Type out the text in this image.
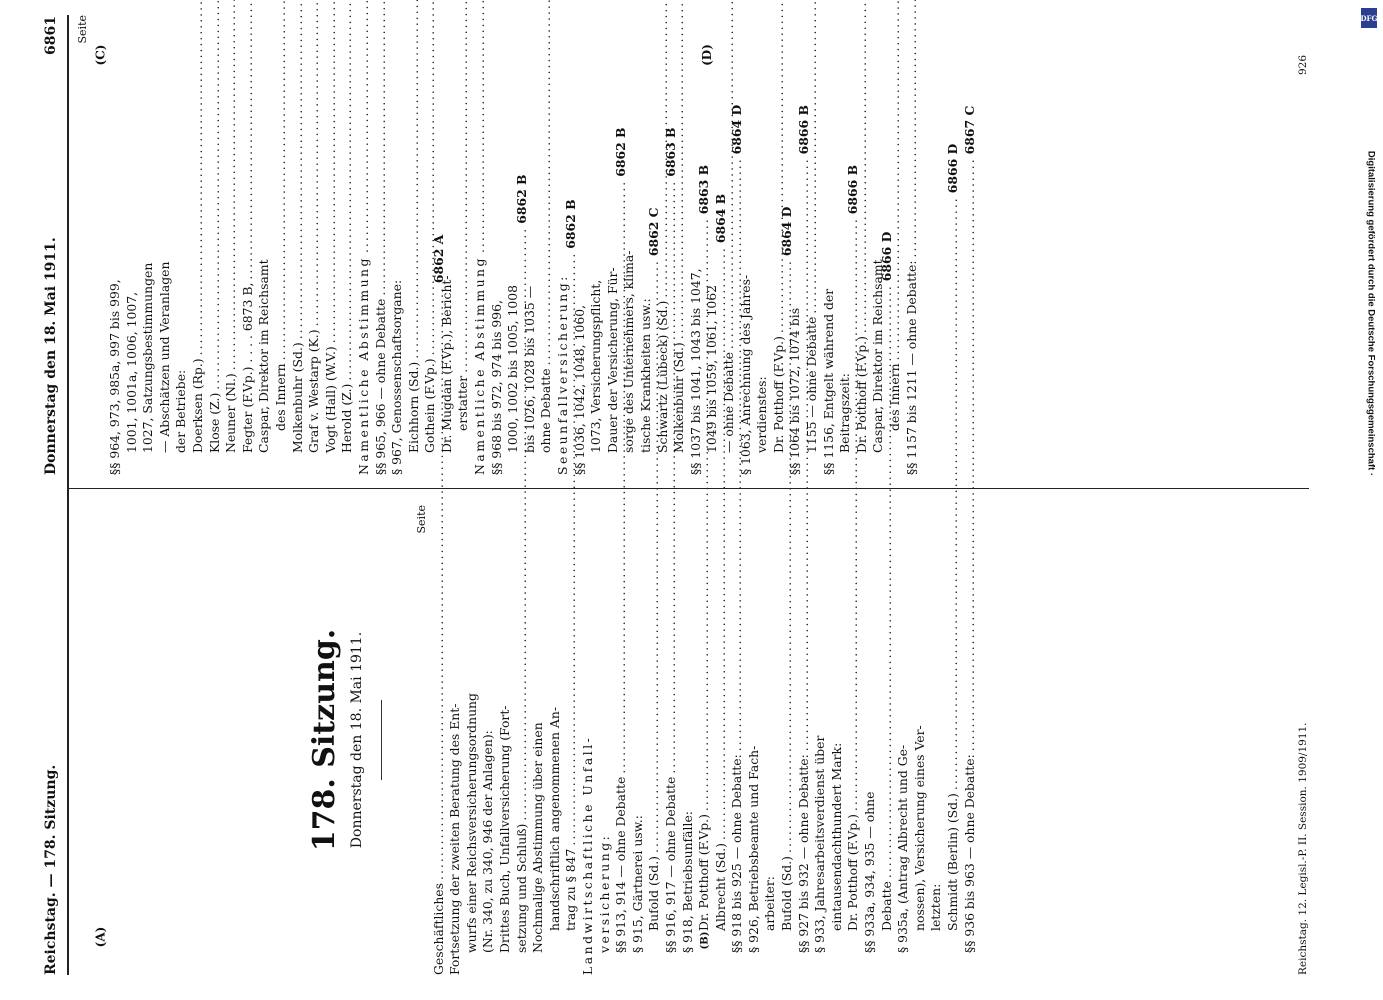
Reichstag. — 178. Sitzung.
Donnerstag den 18. Mai 1911.
6861
178. Sitzung. Donnerstag den 18. Mai 1911.
Seite
Geschäftliches
.....
6862 A
Fortsetzung der zweiten Beratung des Ent- wurfs einer Reichsversicherungsordnung (Nr. 340, zu 340, 946 der Anlagen): Drittes Buch, Unfallversicherung (Fort- setzung und Schluß)
.....
6862 B
Nochmalige Abstimmung über einen handschriftlich angenommenen An- trag zu § 847
.....
6862 B
Landwirtschaftliche Unfall- versicherung: §§ 913, 914 — ohne Debatte
.....
6862 B
§ 915, Gärtnerei usw.: Bufold (Sd.)
.....
6862 C
§§ 916, 917 — ohne Debatte
.....
6863 B
§ 918, Betriebsunfälle: Dr. Potthoff (F.Vp.)
.....
6863 B
Albrecht (Sd.)
.....
6864 B
§§ 918 bis 925 — ohne Debatte:
.....
6864 D
§ 926, Betriebsbeamte und Fach- arbeiter: Bufold (Sd.)
.....
6864 D
§§ 927 bis 932 — ohne Debatte:
.....
6866 B
§ 933, Jahresarbeitsverdienst über eintausendachthundert Mark: Dr. Potthoff (F.Vp.)
.....
6866 B
§§ 933a, 934, 935 — ohne Debatte
.....
6866 D
§ 935a, (Antrag Albrecht und Ge- nossen), Versicherung eines Ver- letzten: Schmidt (Berlin) (Sd.)
.....
6866 D
§§ 936 bis 963 — ohne Debatte:
.....
6867 C
Seite
§§ 964, 973, 985a, 997 bis 999, 1001, 1001a, 1006, 1007, 1027, Satzungsbestimmungen — Abschätzen und Veranlagen der Betriebe: Doerksen (Rp.)
..... Klose (Z.)
..... Neuner (Nl.)
..... Fegter (F.Vp.) . . . . 6873 B,
..... Caspar, Direktor im Reichsamt des Innern
..... Molkenbuhr (Sd.)
..... Graf v. Westarp (K.)
..... Vogt (Hall) (W.V.)
..... Herold (Z.) ..... Namentliche Abstimmung
..... §§ 965, 966 — ohne Debatte
..... § 967, Genossenschaftsorgane: Eichhorn (Sd.)
..... Gothein (F.Vp.)
..... Dr. Mugdan (F.Vp.), Bericht- erstatter ..... Namentliche Abstimmung
..... §§ 968 bis 972, 974 bis 996, 1000, 1002 bis 1005, 1008 bis 1026, 1028 bis 1035 — ohne Debatte
..... Seeunfallversicherung: §§ 1036, 1042, 1048, 1060, 1073, Versicherungspflicht, Dauer der Versicherung, Für- sorge des Unternehmers, klima- tische Krankheiten usw.: Schwartz (Lübeck) (Sd.)
..... Molkenbuhr (Sd.)
..... §§ 1037 bis 1041, 1043 bis 1047, 1049 bis 1059, 1061, 1062 — ohne Debatte
..... § 1063, Anrechnung des Jahres- verdienstes: Dr. Potthoff (F.Vp.)
..... §§ 1064 bis 1072, 1074 bis 1155 — ohne Debatte
..... §§ 1156, Entgelt während der Beitragszeit: Dr. Potthoff (F.Vp.)
..... Caspar, Direktor im Reichsamt des Innern
..... §§ 1157 bis 1211 — ohne Debatte:
.....
Reichstag. 12. Legisl.-P. II. Session. 1909/1911.
926
(A)	(B)
(C)	(D)
DFG
Digitalisierung gefördert durch die Deutsche Forschungsgemeinschaft ·
